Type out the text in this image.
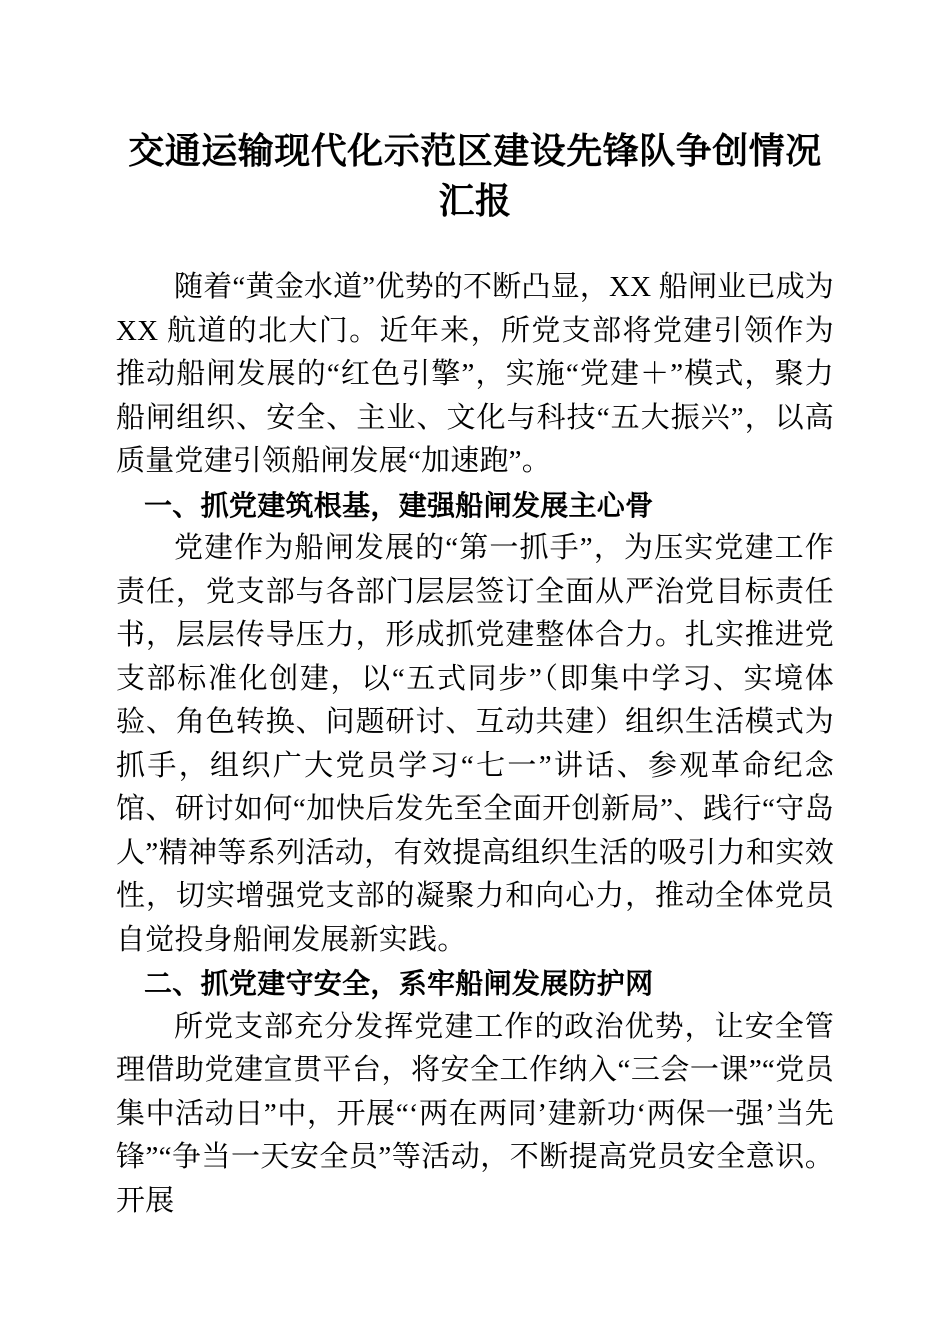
交通运输现代化示范区建设先锋队争创情况汇报

随着“黄金水道”优势的不断凸显，XX 船闸业已成为 XX 航道的北大门。近年来，所党支部将党建引领作为推动船闸发展的“红色引擎”，实施“党建＋”模式，聚力船闸组织、安全、主业、文化与科技“五大振兴”，以高质量党建引领船闸发展“加速跑”。

一、抓党建筑根基，建强船闸发展主心骨

党建作为船闸发展的“第一抓手”，为压实党建工作责任，党支部与各部门层层签订全面从严治党目标责任书，层层传导压力，形成抓党建整体合力。扎实推进党支部标准化创建，以“五式同步”（即集中学习、实境体验、角色转换、问题研讨、互动共建）组织生活模式为抓手，组织广大党员学习“七一”讲话、参观革命纪念馆、研讨如何“加快后发先至全面开创新局”、践行“守岛人”精神等系列活动，有效提高组织生活的吸引力和实效性，切实增强党支部的凝聚力和向心力，推动全体党员自觉投身船闸发展新实践。

二、抓党建守安全，系牢船闸发展防护网

所党支部充分发挥党建工作的政治优势，让安全管理借助党建宣贯平台，将安全工作纳入“三会一课”“党员集中活动日”中，开展“‘两在两同’建新功‘两保一强’当先锋”“争当一天安全员”等活动，不断提高党员安全意识。开展
